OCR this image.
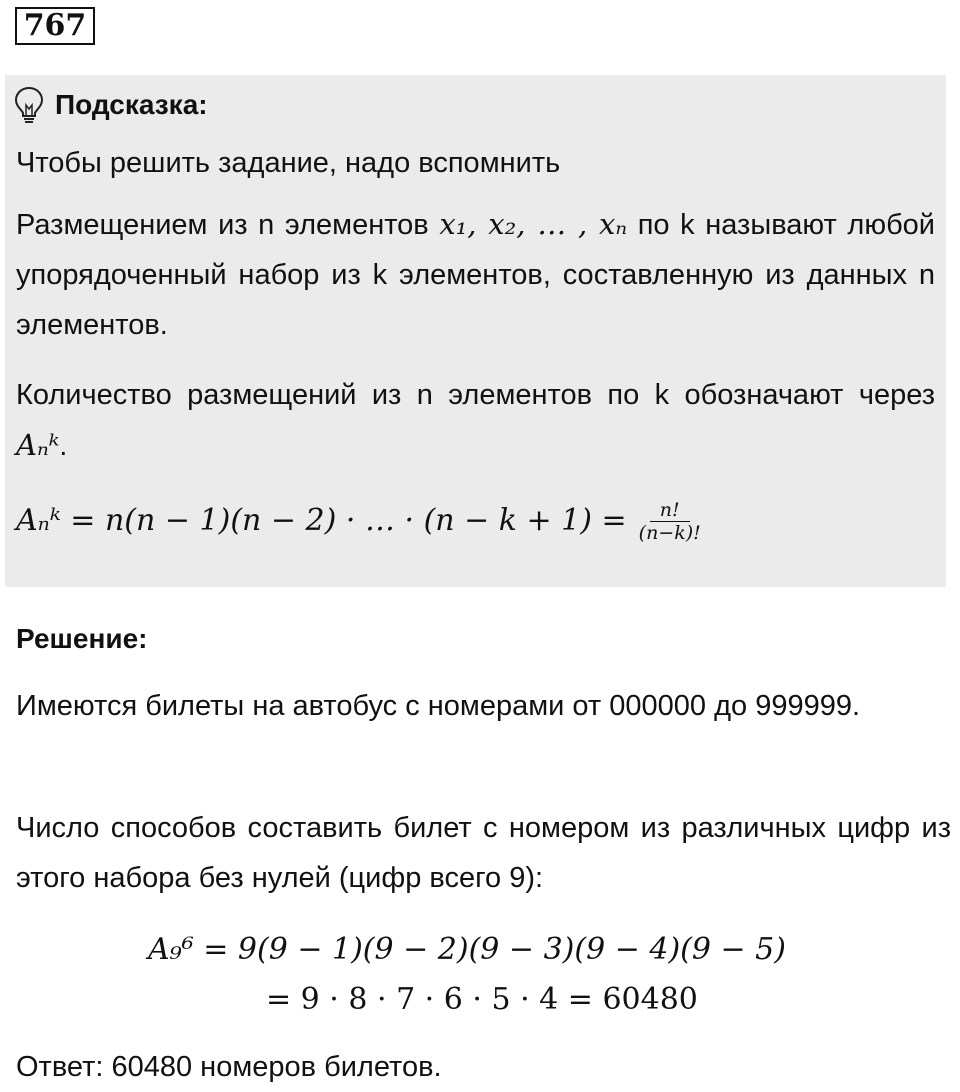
767
Подсказка:

Чтобы решить задание, надо вспомнить

Размещением из n элементов x₁, x₂, … , xₙ по k называют любой упорядоченный набор из k элементов, составленную из данных n элементов.

Количество размещений из n элементов по k обозначают через Aₙᵏ.

Aₙᵏ = n(n − 1)(n − 2) · … · $(n - k + 1) = \frac{n!}{(n-k)!}$
Решение:

Имеются билеты на автобус с номерами от 000000 до 999999.

Число способов составить билет с номером из различных цифр из этого набора без нулей (цифр всего 9):

A₉⁶ = 9(9 − 1)(9 − 2)(9 − 3)(9 − 4)(9 − 5)
= 9 · 8 · 7 · 6 · 5 · 4 = 60480

Ответ: 60480 номеров билетов.
